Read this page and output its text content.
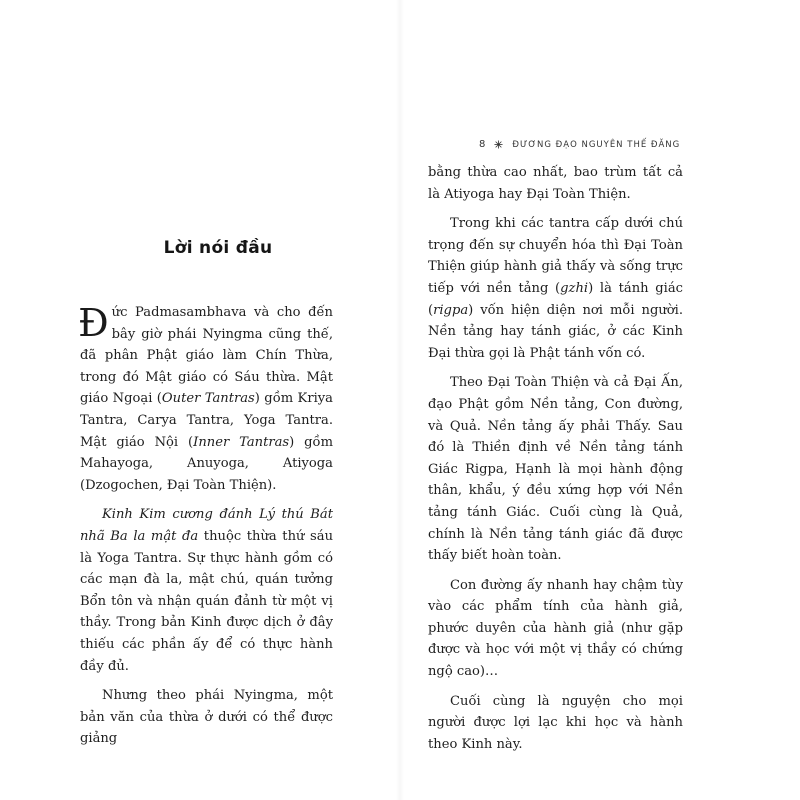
Lời nói đầu

Đức Padmasambhava và cho đến bây giờ phái Nyingma cũng thế, đã phân Phật giáo làm Chín Thừa, trong đó Mật giáo có Sáu thừa. Mật giáo Ngoại (Outer Tantras) gồm Kriya Tantra, Carya Tantra, Yoga Tantra. Mật giáo Nội (Inner Tantras) gồm Mahayoga, Anuyoga, Atiyoga (Dzogochen, Đại Toàn Thiện).

Kinh Kim cương đánh Lý thú Bát nhã Ba la mật đa thuộc thừa thứ sáu là Yoga Tantra. Sự thực hành gồm có các mạn đà la, mật chú, quán tưởng Bổn tôn và nhận quán đảnh từ một vị thầy. Trong bản Kinh được dịch ở đây thiếu các phần ấy để có thực hành đầy đủ.

Nhưng theo phái Nyingma, một bản văn của thừa ở dưới có thể được giảng

8	ĐƯƠNG ĐẠO NGUYÊN THẾ ĐĂNG

bằng thừa cao nhất, bao trùm tất cả là Atiyoga hay Đại Toàn Thiện.

Trong khi các tantra cấp dưới chú trọng đến sự chuyển hóa thì Đại Toàn Thiện giúp hành giả thấy và sống trực tiếp với nền tảng (gzhi) là tánh giác (rigpa) vốn hiện diện nơi mỗi người. Nền tảng hay tánh giác, ở các Kinh Đại thừa gọi là Phật tánh vốn có.

Theo Đại Toàn Thiện và cả Đại Ấn, đạo Phật gồm Nền tảng, Con đường, và Quả. Nền tảng ấy phải Thấy. Sau đó là Thiền định về Nền tảng tánh Giác Rigpa, Hạnh là mọi hành động thân, khẩu, ý đều xứng hợp với Nền tảng tánh Giác. Cuối cùng là Quả, chính là Nền tảng tánh giác đã được thấy biết hoàn toàn.

Con đường ấy nhanh hay chậm tùy vào các phẩm tính của hành giả, phước duyên của hành giả (như gặp được và học với một vị thầy có chứng ngộ cao)…

Cuối cùng là nguyện cho mọi người được lợi lạc khi học và hành theo Kinh này.
